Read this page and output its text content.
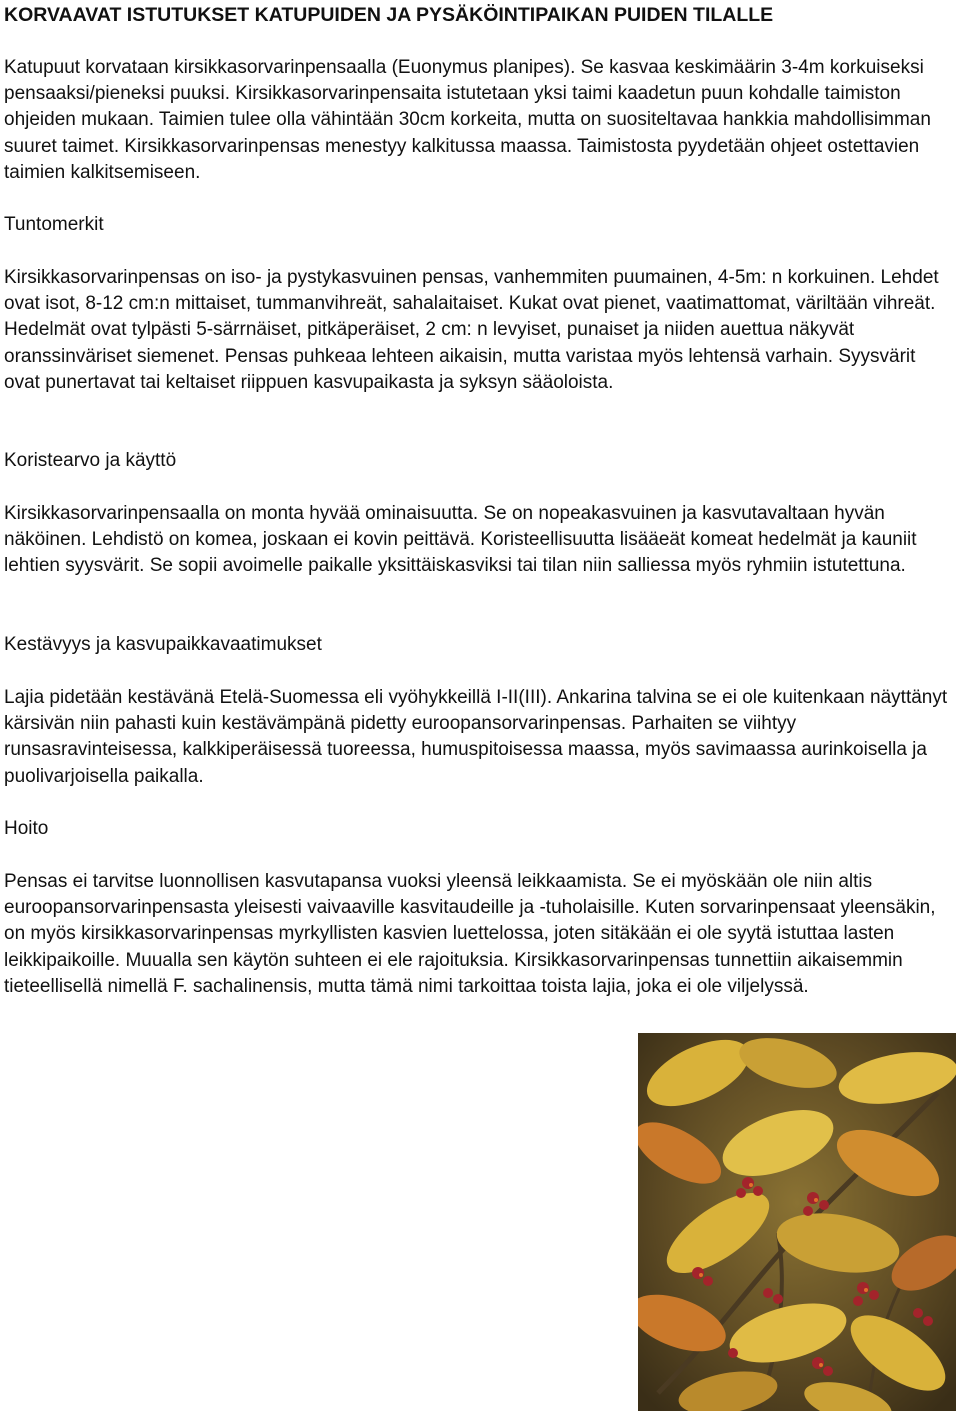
KORVAAVAT ISTUTUKSET KATUPUIDEN JA PYSÄKÖINTIPAIKAN PUIDEN TILALLE

Katupuut korvataan kirsikkasorvarinpensaalla (Euonymus planipes). Se kasvaa keskimäärin 3-4m korkuiseksi pensaaksi/pieneksi puuksi. Kirsikkasorvarinpensaita istutetaan yksi taimi kaadetun puun kohdalle taimiston ohjeiden mukaan. Taimien tulee olla vähintään 30cm korkeita, mutta on suositeltavaa hankkia mahdollisimman suuret taimet. Kirsikkasorvarinpensas menestyy kalkitussa maassa. Taimistosta pyydetään ohjeet ostettavien taimien kalkitsemiseen.

Tuntomerkit

Kirsikkasorvarinpensas on iso- ja pystykasvuinen pensas, vanhemmiten puumainen, 4-5m: n korkuinen. Lehdet ovat isot, 8-12 cm:n mittaiset, tummanvihreät, sahalaitaiset. Kukat ovat pienet, vaatimattomat, väriltään vihreät. Hedelmät ovat tylpästi 5-särrnäiset, pitkäperäiset, 2 cm: n levyiset, punaiset ja niiden auettua näkyvät oranssinväriset siemenet. Pensas puhkeaa lehteen aikaisin, mutta varistaa myös lehtensä varhain. Syysvärit ovat punertavat tai keltaiset riippuen kasvupaikasta ja syksyn sääoloista.

Koristearvo ja käyttö

Kirsikkasorvarinpensaalla on monta hyvää ominaisuutta. Se on nopeakasvuinen ja kasvutavaltaan hyvän näköinen. Lehdistö on komea, joskaan ei kovin peittävä. Koristeellisuutta lisääeät komeat hedelmät ja kauniit lehtien syysvärit. Se sopii avoimelle paikalle yksittäiskasviksi tai tilan niin salliessa myös ryhmiin istutettuna.

Kestävyys ja kasvupaikkavaatimukset

Lajia pidetään kestävänä Etelä-Suomessa eli vyöhykkeillä I-II(III). Ankarina talvina se ei ole kuitenkaan näyttänyt kärsivän niin pahasti kuin kestävämpänä pidetty euroopansorvarinpensas. Parhaiten se viihtyy runsasravinteisessa, kalkkiperäisessä tuoreessa, humuspitoisessa maassa, myös savimaassa aurinkoisella ja puolivarjoisella paikalla.

Hoito

Pensas ei tarvitse luonnollisen kasvutapansa vuoksi yleensä leikkaamista. Se ei myöskään ole niin altis euroopansorvarinpensasta yleisesti vaivaaville kasvitaudeille ja -tuholaisille. Kuten sorvarinpensaat yleensäkin, on myös kirsikkasorvarinpensas myrkyllisten kasvien luettelossa, joten sitäkään ei ole syytä istuttaa lasten leikkipaikoille. Muualla sen käytön suhteen ei ele rajoituksia. Kirsikkasorvarinpensas tunnettiin aikaisemmin tieteellisellä nimellä F. sachalinensis, mutta tämä nimi tarkoittaa toista lajia, joka ei ole viljelyssä.
